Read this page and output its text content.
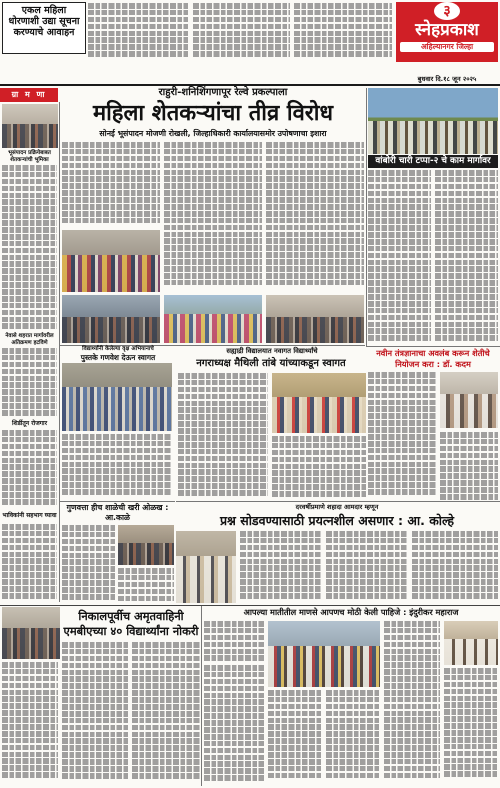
एकल महिला धोरणाशी उद्या सूचना करण्याचे आवाहन
३
स्नेहप्रकाश
अहिल्यानगर जिल्हा
बुधवार दि.१८ जून २०२५
ग्रा म णा	राहुरी-शनिशिंगणापूर रेल्वे प्रकल्पाला
महिला शेतकऱ्यांचा तीव्र विरोध
सोनई भूसंपादन मोजणी रोखली, जिल्हाधिकारी कार्यालयासमोर उपोषणाचा इशारा
भूसंपादन प्रक्रियेबाबत शेतकऱ्यांची भूमिका
नेवासे शहरात मार्गावरील अतिक्रमण हटविणे
शिर्डीतून रोजगार
भाविकांनी सहभाग घ्यावा
वांबोरी चारी टप्पा-२ चे काम मार्गावर
विद्यार्थ्यांनी केलेल्या वृक्ष अभियानाचे
पुस्तके गणवेश देऊन स्वागत
सह्याद्री विद्यालयात नवागत विद्यार्थ्यांचे
नगराध्यक्ष मैथिली तांबे यांच्याकडून स्वागत
नवीन तंत्रज्ञानाचा अवलंब करून शेतीचे नियोजन करा : डॉ. कदम
दरवर्षीप्रमाणे शहादा आमदार म्हणून
प्रश्न सोडवण्यासाठी प्रयत्नशील असणार : आ. कोल्हे
गुणवत्ता हीच शाळेची खरी ओळख : आ.काळे
निकालपूर्वीच अमृतवाहिनी एमबीएच्या ४० विद्यार्थ्यांना नोकरी
आपल्या मातीतील माणसे आपणच मोठी केली पाहिजे : इंदुरीकर महाराज
